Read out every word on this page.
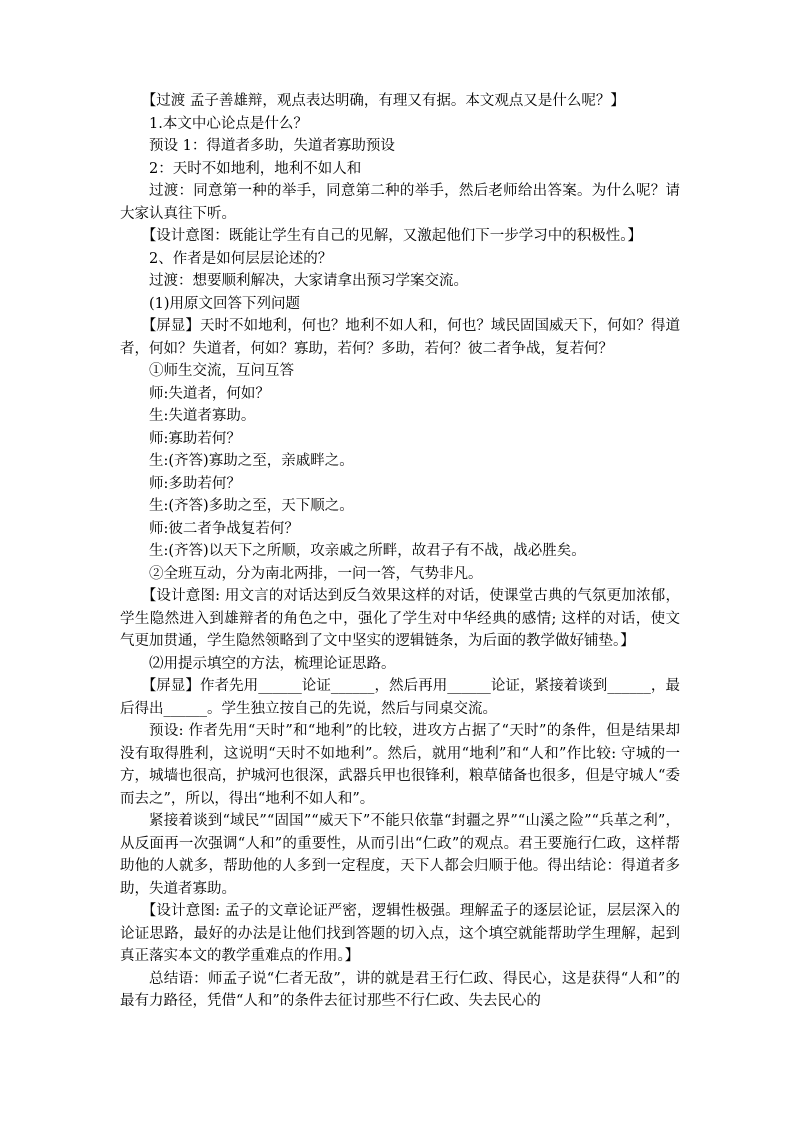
【过渡 孟子善雄辩，观点表达明确，有理又有据。本文观点又是什么呢？】

1.本文中心论点是什么？

预设 1：得道者多助，失道者寡助预设

2：天时不如地利，地利不如人和

过渡：同意第一种的举手，同意第二种的举手，然后老师给出答案。为什么呢？请大家认真往下听。

【设计意图：既能让学生有自己的见解，又激起他们下一步学习中的积极性。】

2、作者是如何层层论述的？

过渡：想要顺利解决，大家请拿出预习学案交流。

(1)用原文回答下列问题

【屏显】天时不如地利，何也？地利不如人和，何也？域民固国威天下，何如？得道者，何如？失道者，何如？寡助，若何？多助，若何？彼二者争战，复若何？

①师生交流，互问互答

师:失道者，何如？

生:失道者寡助。

师:寡助若何？

生:(齐答)寡助之至，亲戚畔之。

师:多助若何？

生:(齐答)多助之至，天下顺之。

师:彼二者争战复若何？

生:(齐答)以天下之所顺，攻亲戚之所畔，故君子有不战，战必胜矣。

②全班互动，分为南北两排，一问一答，气势非凡。

【设计意图: 用文言的对话达到反刍效果这样的对话，使课堂古典的气氛更加浓郁，学生隐然进入到雄辩者的角色之中，强化了学生对中华经典的感情; 这样的对话，使文气更加贯通，学生隐然领略到了文中坚实的逻辑链条，为后面的教学做好铺垫。】

⑵用提示填空的方法，梳理论证思路。

【屏显】作者先用______论证______，然后再用______论证，紧接着谈到______，最后得出______。学生独立按自己的先说，然后与同桌交流。

预设: 作者先用“天时”和“地利”的比较，进攻方占据了“天时”的条件，但是结果却没有取得胜利，这说明“天时不如地利”。然后，就用“地利”和“人和”作比较: 守城的一方，城墙也很高，护城河也很深，武器兵甲也很锋利，粮草储备也很多，但是守城人“委而去之”，所以，得出“地利不如人和”。

紧接着谈到“域民”“固国”“威天下”不能只依靠“封疆之界”“山溪之险”“兵革之利”，从反面再一次强调“人和”的重要性，从而引出“仁政”的观点。君王要施行仁政，这样帮助他的人就多，帮助他的人多到一定程度，天下人都会归顺于他。得出结论：得道者多助，失道者寡助。

【设计意图: 孟子的文章论证严密，逻辑性极强。理解孟子的逐层论证，层层深入的论证思路，最好的办法是让他们找到答题的切入点，这个填空就能帮助学生理解，起到真正落实本文的教学重难点的作用。】

总结语：师孟子说“仁者无敌”，讲的就是君王行仁政、得民心，这是获得“人和”的最有力路径，凭借“人和”的条件去征讨那些不行仁政、失去民心的
